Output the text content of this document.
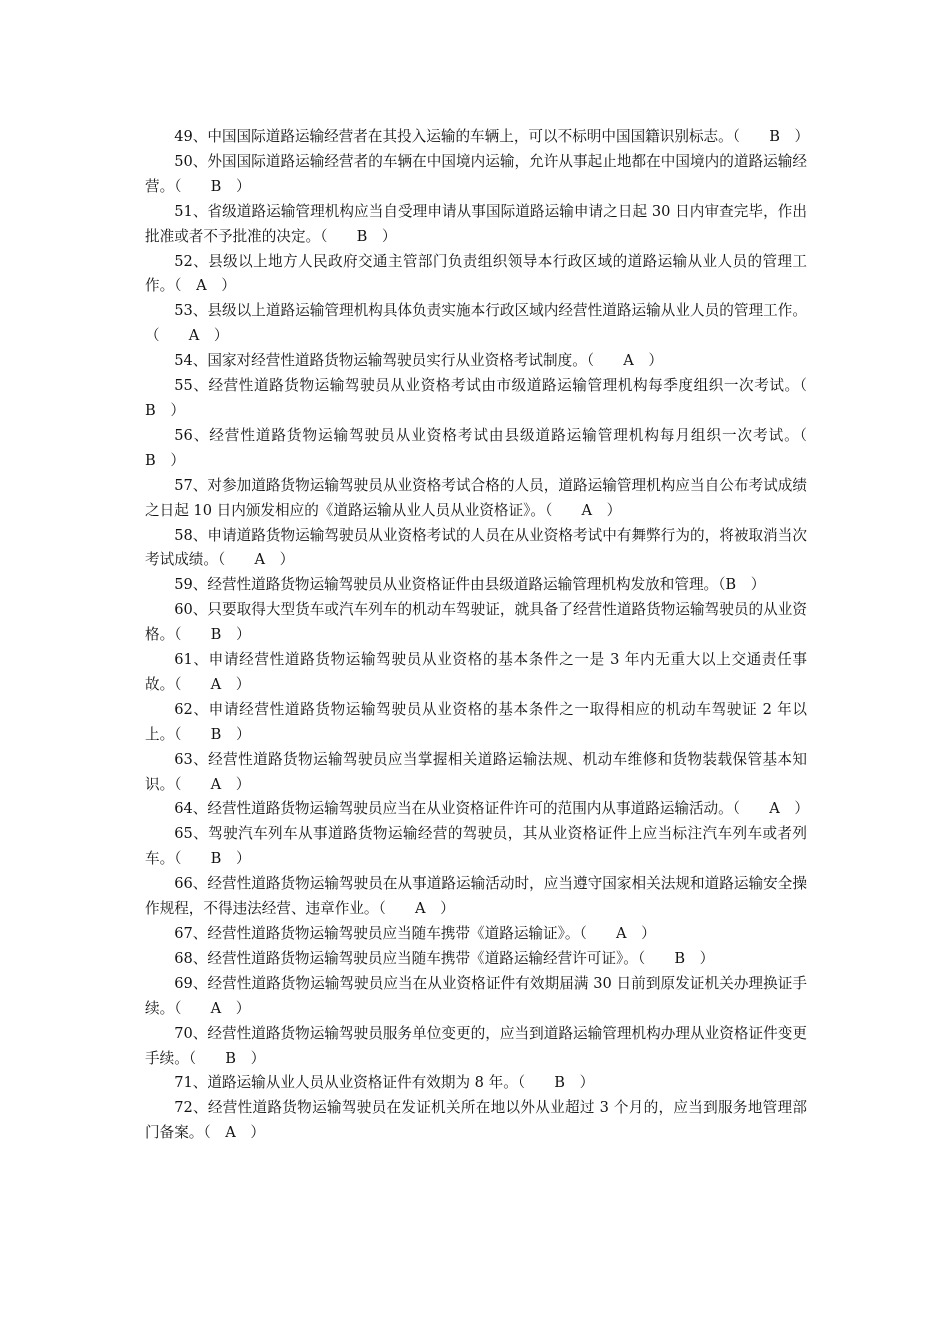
49、中国国际道路运输经营者在其投入运输的车辆上，可以不标明中国国籍识别标志。（　　B　）

50、外国国际道路运输经营者的车辆在中国境内运输，允许从事起止地都在中国境内的道路运输经营。（　　B　）

51、省级道路运输管理机构应当自受理申请从事国际道路运输申请之日起 30 日内审查完毕，作出批准或者不予批准的决定。（　　B　）

52、县级以上地方人民政府交通主管部门负责组织领导本行政区域的道路运输从业人员的管理工作。（　A　）

53、县级以上道路运输管理机构具体负责实施本行政区域内经营性道路运输从业人员的管理工作。（　　A　）

54、国家对经营性道路货物运输驾驶员实行从业资格考试制度。（　　A　）

55、经营性道路货物运输驾驶员从业资格考试由市级道路运输管理机构每季度组织一次考试。（　　B　）

56、经营性道路货物运输驾驶员从业资格考试由县级道路运输管理机构每月组织一次考试。（　　B　）

57、对参加道路货物运输驾驶员从业资格考试合格的人员，道路运输管理机构应当自公布考试成绩之日起 10 日内颁发相应的《道路运输从业人员从业资格证》。（　　A　）

58、申请道路货物运输驾驶员从业资格考试的人员在从业资格考试中有舞弊行为的，将被取消当次考试成绩。（　　A　）

59、经营性道路货物运输驾驶员从业资格证件由县级道路运输管理机构发放和管理。（B　）

60、只要取得大型货车或汽车列车的机动车驾驶证，就具备了经营性道路货物运输驾驶员的从业资格。（　　B　）

61、申请经营性道路货物运输驾驶员从业资格的基本条件之一是 3 年内无重大以上交通责任事故。（　　A　）

62、申请经营性道路货物运输驾驶员从业资格的基本条件之一取得相应的机动车驾驶证 2 年以上。（　　B　）

63、经营性道路货物运输驾驶员应当掌握相关道路运输法规、机动车维修和货物装载保管基本知识。（　　A　）

64、经营性道路货物运输驾驶员应当在从业资格证件许可的范围内从事道路运输活动。（　　A　）

65、驾驶汽车列车从事道路货物运输经营的驾驶员，其从业资格证件上应当标注汽车列车或者列车。（　　B　）

66、经营性道路货物运输驾驶员在从事道路运输活动时，应当遵守国家相关法规和道路运输安全操作规程，不得违法经营、违章作业。（　　A　）

67、经营性道路货物运输驾驶员应当随车携带《道路运输证》。（　　A　）

68、经营性道路货物运输驾驶员应当随车携带《道路运输经营许可证》。（　　B　）

69、经营性道路货物运输驾驶员应当在从业资格证件有效期届满 30 日前到原发证机关办理换证手续。（　　A　）

70、经营性道路货物运输驾驶员服务单位变更的，应当到道路运输管理机构办理从业资格证件变更手续。（　　B　）

71、道路运输从业人员从业资格证件有效期为 8 年。（　　B　）

72、经营性道路货物运输驾驶员在发证机关所在地以外从业超过 3 个月的，应当到服务地管理部门备案。（　A　）
